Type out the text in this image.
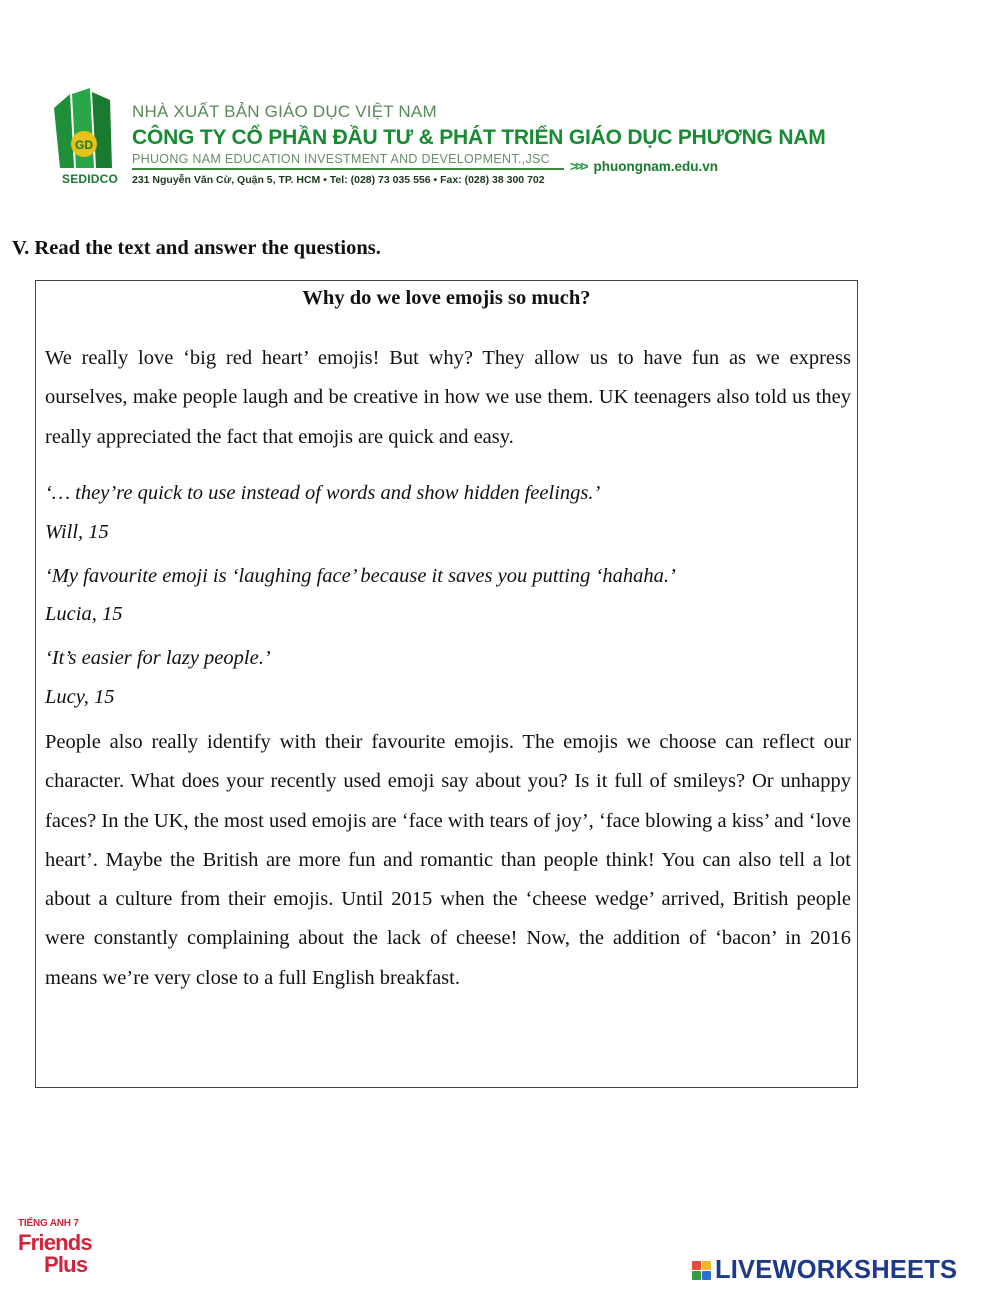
GD
SEDIDCO
NHÀ XUẤT BẢN GIÁO DỤC VIỆT NAM
CÔNG TY CỔ PHẦN ĐẦU TƯ & PHÁT TRIỂN GIÁO DỤC PHƯƠNG NAM
PHUONG NAM EDUCATION INVESTMENT AND DEVELOPMENT.,JSC
231 Nguyễn Văn Cừ, Quận 5, TP. HCM • Tel: (028) 73 035 556 • Fax: (028) 38 300 702
>>> phuongnam.edu.vn
V. Read the text and answer the questions.
Why do we love emojis so much?
We really love ‘big red heart’ emojis! But why? They allow us to have fun as we express ourselves, make people laugh and be creative in how we use them. UK teenagers also told us they really appreciated the fact that emojis are quick and easy.
‘… they’re quick to use instead of words and show hidden feelings.’
Will, 15
‘My favourite emoji is ‘laughing face’ because it saves you putting ‘hahaha.’
Lucia, 15
‘It’s easier for lazy people.’
Lucy, 15
People also really identify with their favourite emojis. The emojis we choose can reflect our character. What does your recently used emoji say about you? Is it full of smileys? Or unhappy faces? In the UK, the most used emojis are ‘face with tears of joy’, ‘face blowing a kiss’ and ‘love heart’. Maybe the British are more fun and romantic than people think! You can also tell a lot about a culture from their emojis. Until 2015 when the ‘cheese wedge’ arrived, British people were constantly complaining about the lack of cheese! Now, the addition of ‘bacon’ in 2016 means we’re very close to a full English breakfast.
TIẾNG ANH 7
Friends
Plus	LIVEWORKSHEETS
